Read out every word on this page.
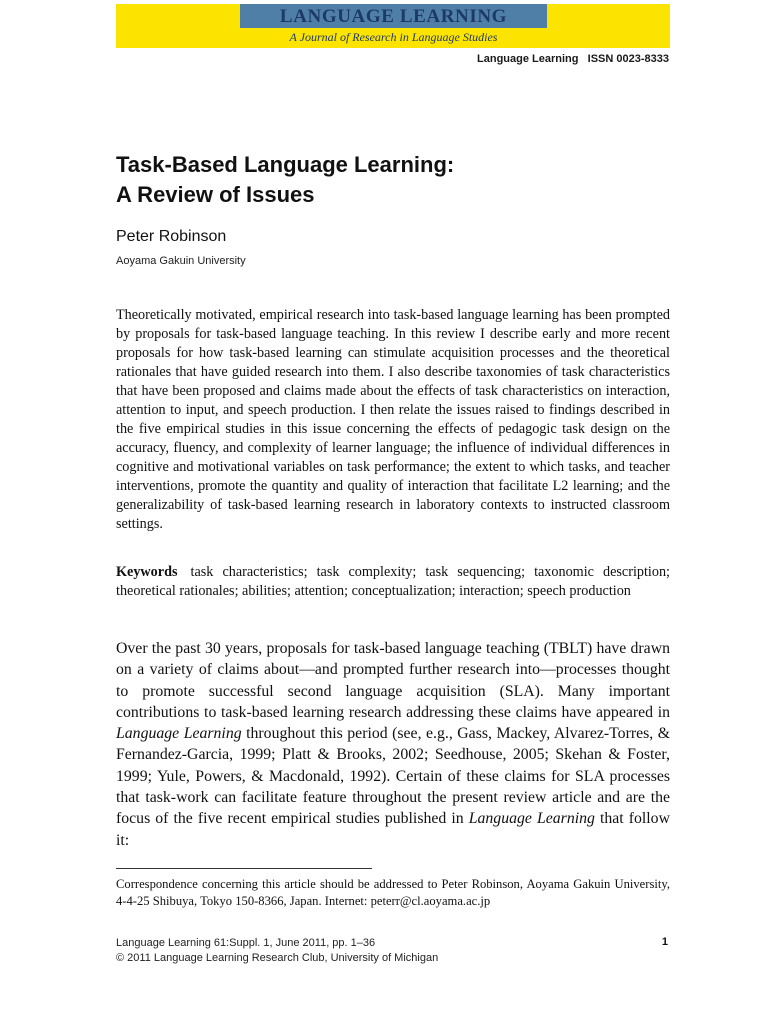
LANGUAGE LEARNING
A Journal of Research in Language Studies
Language Learning   ISSN 0023-8333
Task-Based Language Learning:
A Review of Issues
Peter Robinson
Aoyama Gakuin University

Theoretically motivated, empirical research into task-based language learning has been prompted by proposals for task-based language teaching. In this review I describe early and more recent proposals for how task-based learning can stimulate acquisition processes and the theoretical rationales that have guided research into them. I also describe taxonomies of task characteristics that have been proposed and claims made about the effects of task characteristics on interaction, attention to input, and speech production. I then relate the issues raised to findings described in the five empirical studies in this issue concerning the effects of pedagogic task design on the accuracy, fluency, and complexity of learner language; the influence of individual differences in cognitive and motivational variables on task performance; the extent to which tasks, and teacher interventions, promote the quantity and quality of interaction that facilitate L2 learning; and the generalizability of task-based learning research in laboratory contexts to instructed classroom settings.

Keywords task characteristics; task complexity; task sequencing; taxonomic description; theoretical rationales; abilities; attention; conceptualization; interaction; speech production

Over the past 30 years, proposals for task-based language teaching (TBLT) have drawn on a variety of claims about—and prompted further research into—processes thought to promote successful second language acquisition (SLA). Many important contributions to task-based learning research addressing these claims have appeared in Language Learning throughout this period (see, e.g., Gass, Mackey, Alvarez-Torres, & Fernandez-Garcia, 1999; Platt & Brooks, 2002; Seedhouse, 2005; Skehan & Foster, 1999; Yule, Powers, & Macdonald, 1992). Certain of these claims for SLA processes that task-work can facilitate feature throughout the present review article and are the focus of the five recent empirical studies published in Language Learning that follow it:

Correspondence concerning this article should be addressed to Peter Robinson, Aoyama Gakuin University, 4-4-25 Shibuya, Tokyo 150-8366, Japan. Internet: peterr@cl.aoyama.ac.jp

Language Learning 61:Suppl. 1, June 2011, pp. 1–36
© 2011 Language Learning Research Club, University of Michigan
1
